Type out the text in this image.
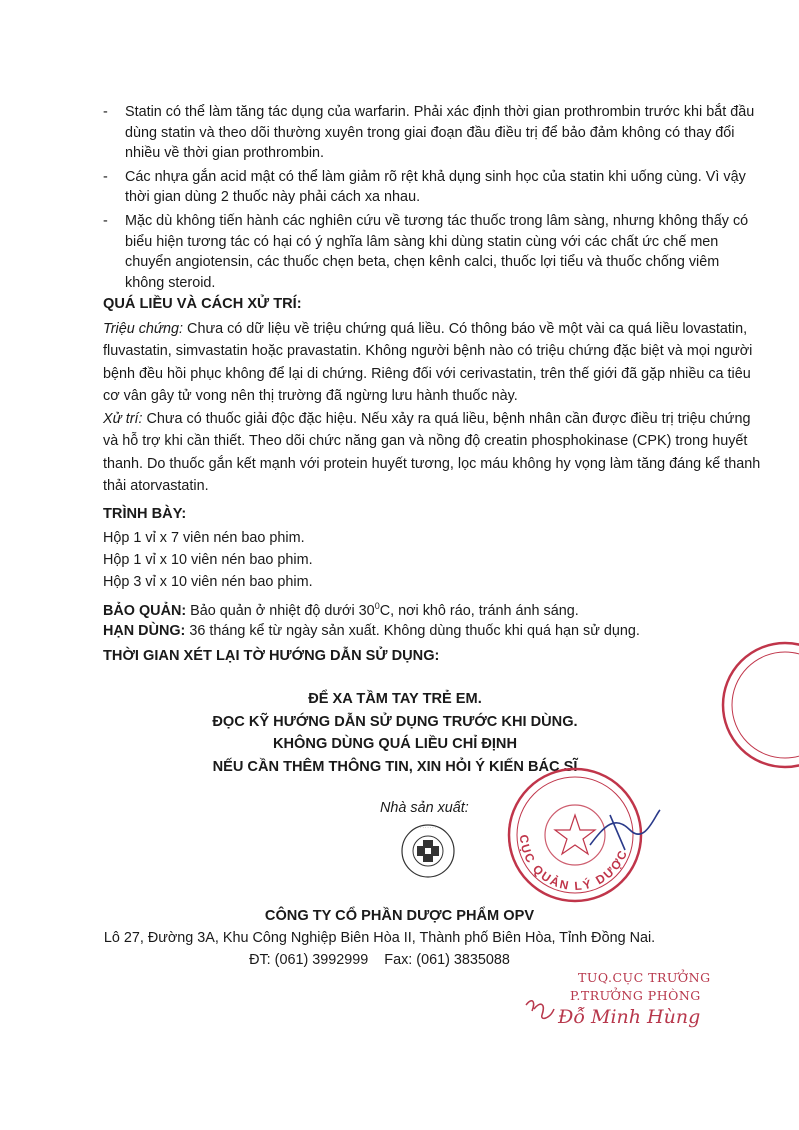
- Statin có thể làm tăng tác dụng của warfarin. Phải xác định thời gian prothrombin trước khi bắt đầu dùng statin và theo dõi thường xuyên trong giai đoạn đầu điều trị để bảo đảm không có thay đổi nhiều về thời gian prothrombin.
- Các nhựa gắn acid mật có thể làm giảm rõ rệt khả dụng sinh học của statin khi uống cùng. Vì vậy thời gian dùng 2 thuốc này phải cách xa nhau.
- Mặc dù không tiến hành các nghiên cứu về tương tác thuốc trong lâm sàng, nhưng không thấy có biểu hiện tương tác có hại có ý nghĩa lâm sàng khi dùng statin cùng với các chất ức chế men chuyển angiotensin, các thuốc chẹn beta, chẹn kênh calci, thuốc lợi tiểu và thuốc chống viêm không steroid.
QUÁ LIỀU VÀ CÁCH XỬ TRÍ:
Triệu chứng: Chưa có dữ liệu về triệu chứng quá liều. Có thông báo về một vài ca quá liều lovastatin, fluvastatin, simvastatin hoặc pravastatin. Không người bệnh nào có triệu chứng đặc biệt và mọi người bệnh đều hồi phục không để lại di chứng. Riêng đối với cerivastatin, trên thế giới đã gặp nhiều ca tiêu cơ vân gây tử vong nên thị trường đã ngừng lưu hành thuốc này.
Xử trí: Chưa có thuốc giải độc đặc hiệu. Nếu xảy ra quá liều, bệnh nhân cần được điều trị triệu chứng và hỗ trợ khi cần thiết. Theo dõi chức năng gan và nồng độ creatin phosphokinase (CPK) trong huyết thanh. Do thuốc gắn kết mạnh với protein huyết tương, lọc máu không hy vọng làm tăng đáng kể thanh thải atorvastatin.
TRÌNH BÀY:
Hộp 1 vỉ x 7 viên nén bao phim.
Hộp 1 vỉ x 10 viên nén bao phim.
Hộp 3 vỉ x 10 viên nén bao phim.
BẢO QUẢN: Bảo quản ở nhiệt độ dưới $30^0C$, nơi khô ráo, tránh ánh sáng.
HẠN DÙNG: 36 tháng kể từ ngày sản xuất. Không dùng thuốc khi quá hạn sử dụng.
THỜI GIAN XÉT LẠI TỜ HƯỚNG DẪN SỬ DỤNG:
ĐỂ XA TẦM TAY TRẺ EM.
ĐỌC KỸ HƯỚNG DẪN SỬ DỤNG TRƯỚC KHI DÙNG.
KHÔNG DÙNG QUÁ LIỀU CHỈ ĐỊNH
NẾU CẦN THÊM THÔNG TIN, XIN HỎI Ý KIẾN BÁC SĨ
Nhà sản xuất:
· · · · · · ·
CÔNG TY CỔ PHẦN DƯỢC PHẨM OPV
Lô 27, Đường 3A, Khu Công Nghiệp Biên Hòa II, Thành phố Biên Hòa, Tỉnh Đồng Nai.
ĐT: (061) 3992999    Fax: (061) 3835088
CỤC QUẢN LÝ DƯỢC
TUQ.CỤC TRƯỞNG
P.TRƯỞNG PHÒNG
Đỗ Minh Hùng
